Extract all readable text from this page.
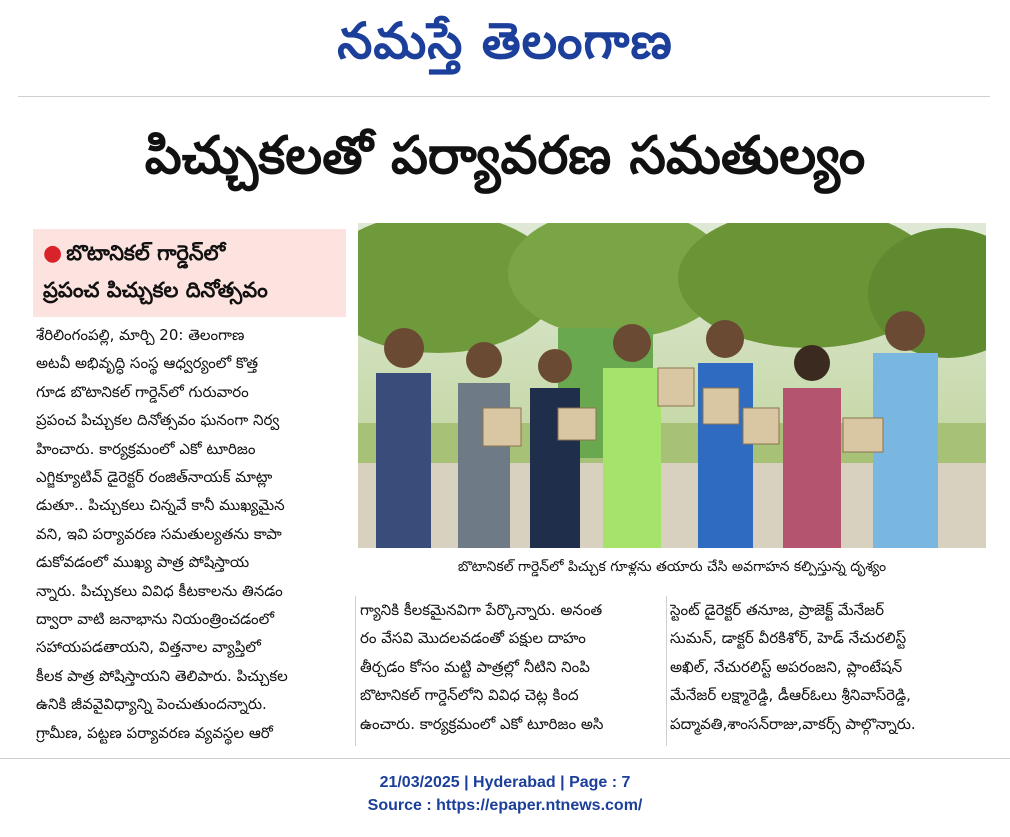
నమస్తే తెలంగాణ
పిచ్చుకలతో పర్యావరణ సమతుల్యం
● బొటానికల్ గార్డెన్‌లో
ప్రపంచ పిచ్చుకల దినోత్సవం

శేరిలింగంపల్లి, మార్చి 20: తెలంగాణ

అటవీ అభివృద్ధి సంస్థ ఆధ్వర్యంలో కొత్త

గూడ బొటానికల్ గార్డెన్‌లో గురువారం

ప్రపంచ పిచ్చుకల దినోత్సవం ఘనంగా నిర్వ

హించారు. కార్యక్రమంలో ఎకో టూరిజం

ఎగ్జిక్యూటివ్ డైరెక్టర్ రంజిత్‌నాయక్ మాట్లా

డుతూ.. పిచ్చుకలు చిన్నవే కానీ ముఖ్యమైన

వని, ఇవి పర్యావరణ సమతుల్యతను కాపా

డుకోవడంలో ముఖ్య పాత్ర పోషిస్తాయ

న్నారు. పిచ్చుకలు వివిధ కీటకాలను తినడం

ద్వారా వాటి జనాభాను నియంత్రించడంలో

సహాయపడతాయని, విత్తనాల వ్యాప్తిలో

కీలక పాత్ర పోషిస్తాయని తెలిపారు. పిచ్చుకల

ఉనికి జీవవైవిధ్యాన్ని పెంచుతుందన్నారు.

గ్రామీణ, పట్టణ పర్యావరణ వ్యవస్థల ఆరో

బొటానికల్ గార్డెన్‌లో పిచ్చుక గూళ్లను తయారు చేసి అవగాహన కల్పిస్తున్న దృశ్యం

గ్యానికి కీలకమైనవిగా పేర్కొన్నారు. అనంత

రం వేసవి మొదలవడంతో పక్షుల దాహం

తీర్చడం కోసం మట్టి పాత్రల్లో నీటిని నింపి

బొటానికల్ గార్డెన్‌లోని వివిధ చెట్ల కింద

ఉంచారు. కార్యక్రమంలో ఎకో టూరిజం అసి

స్టెంట్ డైరెక్టర్ తనూజ, ప్రాజెక్ట్ మేనేజర్

సుమన్, డాక్టర్ వీరకిశోర్, హెడ్ నేచురలిస్ట్

అఖిల్, నేచురలిస్ట్ అపరంజని, ప్లాంటేషన్

మేనేజర్ లక్ష్మారెడ్డి, డీఆర్‌ఓలు శ్రీనివాస్‌రెడ్డి,

పద్మావతి,శాంసన్‌రాజు,వాకర్స్ పాల్గొన్నారు.

21/03/2025 | Hyderabad | Page : 7
Source : https://epaper.ntnews.com/
